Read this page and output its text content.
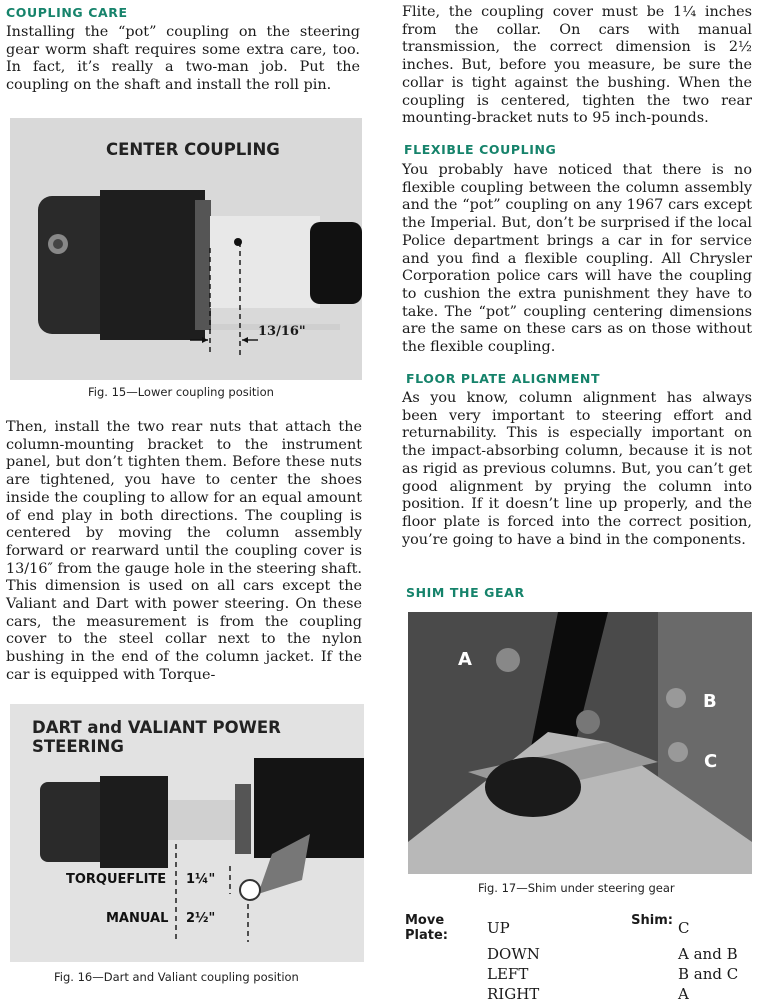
COUPLING CARE

Installing the “pot” coupling on the steering gear worm shaft requires some extra care, too. In fact, it’s really a two-man job. Put the coupling on the shaft and install the roll pin.

CENTER COUPLING
13/16"
Fig. 15—Lower coupling position

Then, install the two rear nuts that attach the column-mounting bracket to the instrument panel, but don’t tighten them. Before these nuts are tightened, you have to center the shoes inside the coupling to allow for an equal amount of end play in both directions. The coupling is centered by moving the column assembly forward or rearward until the coupling cover is 13/16″ from the gauge hole in the steering shaft. This dimension is used on all cars except the Valiant and Dart with power steering. On these cars, the measurement is from the coupling cover to the steel collar next to the nylon bushing in the end of the column jacket. If the car is equipped with Torque-

DART and VALIANT POWER STEERING
TORQUEFLITE 1¼"
MANUAL 2½"
Fig. 16—Dart and Valiant coupling position

Flite, the coupling cover must be 1¼ inches from the collar. On cars with manual transmission, the correct dimension is 2½ inches. But, before you measure, be sure the collar is tight against the bushing. When the coupling is centered, tighten the two rear mounting-bracket nuts to 95 inch-pounds.

FLEXIBLE COUPLING

You probably have noticed that there is no flexible coupling between the column assembly and the “pot” coupling on any 1967 cars except the Imperial. But, don’t be surprised if the local Police department brings a car in for service and you find a flexible coupling. All Chrysler Corporation police cars will have the coupling to cushion the extra punishment they have to take. The “pot” coupling centering dimensions are the same on these cars as on those without the flexible coupling.

FLOOR PLATE ALIGNMENT

As you know, column alignment has always been very important to steering effort and returnability. This is especially important on the impact-absorbing column, because it is not as rigid as previous columns. But, you can’t get good alignment by prying the column into position. If it doesn’t line up properly, and the floor plate is forced into the correct position, you’re going to have a bind in the components.

SHIM THE GEAR
A
B
C
Fig. 17—Shim under steering gear
Move Plate:	UP	Shim:	C
	DOWN		A and B
	LEFT		B and C
	RIGHT		A
